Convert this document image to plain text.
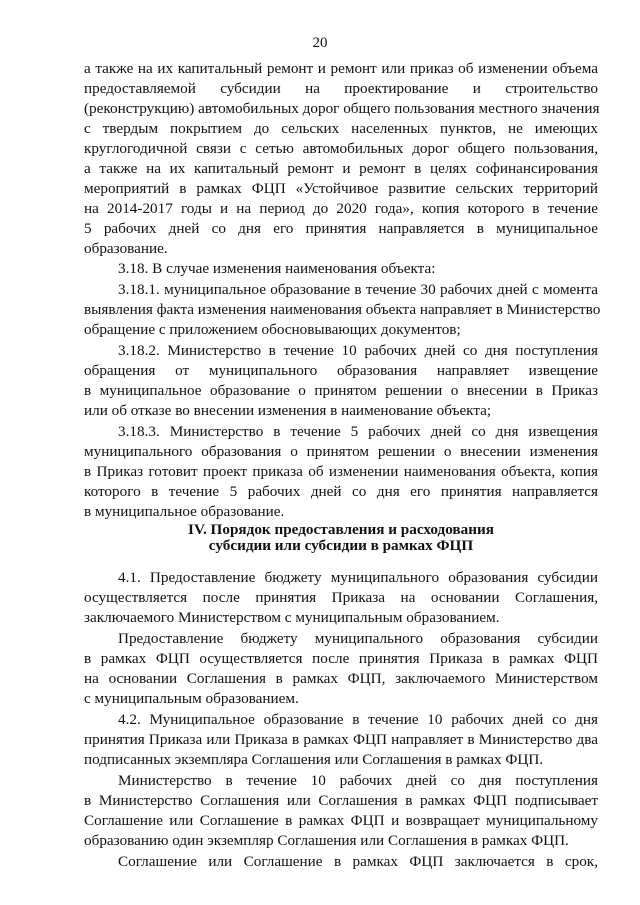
20
а также на их капитальный ремонт и ремонт или приказ об изменении объема
предоставляемой субсидии на проектирование и строительство
(реконструкцию) автомобильных дорог общего пользования местного значения
с твердым покрытием до сельских населенных пунктов, не имеющих
круглогодичной связи с сетью автомобильных дорог общего пользования,
а также на их капитальный ремонт и ремонт в целях софинансирования
мероприятий в рамках ФЦП «Устойчивое развитие сельских территорий
на 2014-2017 годы и на период до 2020 года», копия которого в течение
5 рабочих дней со дня его принятия направляется в муниципальное
образование.
3.18. В случае изменения наименования объекта:
3.18.1. муниципальное образование в течение 30 рабочих дней с момента
выявления факта изменения наименования объекта направляет в Министерство
обращение с приложением обосновывающих документов;
3.18.2. Министерство в течение 10 рабочих дней со дня поступления
обращения от муниципального образования направляет извещение
в муниципальное образование о принятом решении о внесении в Приказ
или об отказе во внесении изменения в наименование объекта;
3.18.3. Министерство в течение 5 рабочих дней со дня извещения
муниципального образования о принятом решении о внесении изменения
в Приказ готовит проект приказа об изменении наименования объекта, копия
которого в течение 5 рабочих дней со дня его принятия направляется
в муниципальное образование.
IV. Порядок предоставления и расходования
субсидии или субсидии в рамках ФЦП
4.1. Предоставление бюджету муниципального образования субсидии
осуществляется после принятия Приказа на основании Соглашения,
заключаемого Министерством с муниципальным образованием.
Предоставление бюджету муниципального образования субсидии
в рамках ФЦП осуществляется после принятия Приказа в рамках ФЦП
на основании Соглашения в рамках ФЦП, заключаемого Министерством
с муниципальным образованием.
4.2. Муниципальное образование в течение 10 рабочих дней со дня
принятия Приказа или Приказа в рамках ФЦП направляет в Министерство два
подписанных экземпляра Соглашения или Соглашения в рамках ФЦП.
Министерство в течение 10 рабочих дней со дня поступления
в Министерство Соглашения или Соглашения в рамках ФЦП подписывает
Соглашение или Соглашение в рамках ФЦП и возвращает муниципальному
образованию один экземпляр Соглашения или Соглашения в рамках ФЦП.
Соглашение или Соглашение в рамках ФЦП заключается в срок,
